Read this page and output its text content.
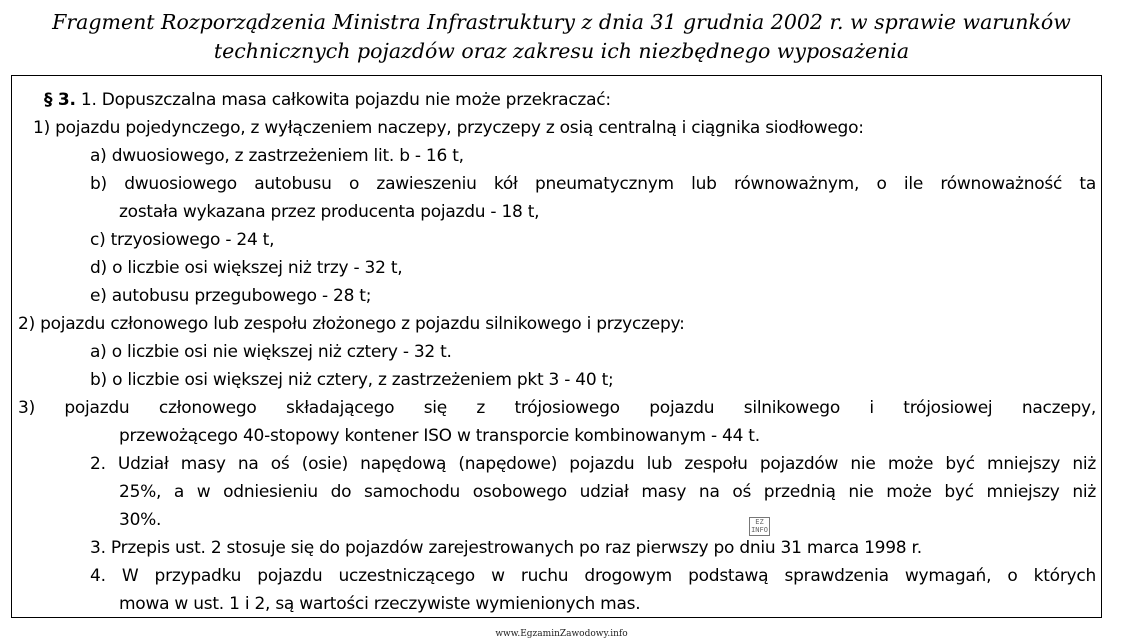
Fragment Rozporządzenia Ministra Infrastruktury z dnia 31 grudnia 2002 r. w sprawie warunków
technicznych pojazdów oraz zakresu ich niezbędnego wyposażenia
§ 3. 1. Dopuszczalna masa całkowita pojazdu nie może przekraczać:
1) pojazdu pojedynczego, z wyłączeniem naczepy, przyczepy z osią centralną i ciągnika siodłowego:
a) dwuosiowego, z zastrzeżeniem lit. b - 16 t,
b) dwuosiowego autobusu o zawieszeniu kół pneumatycznym lub równoważnym, o ile równoważność ta
została wykazana przez producenta pojazdu - 18 t,
c) trzyosiowego - 24 t,
d) o liczbie osi większej niż trzy - 32 t,
e) autobusu przegubowego - 28 t;
2) pojazdu członowego lub zespołu złożonego z pojazdu silnikowego i przyczepy:
a) o liczbie osi nie większej niż cztery - 32 t.
b) o liczbie osi większej niż cztery, z zastrzeżeniem pkt 3 - 40 t;
3) pojazdu członowego składającego się z trójosiowego pojazdu silnikowego i trójosiowej naczepy,
przewożącego 40-stopowy kontener ISO w transporcie kombinowanym - 44 t.
2. Udział masy na oś (osie) napędową (napędowe) pojazdu lub zespołu pojazdów nie może być mniejszy niż
25%, a w odniesieniu do samochodu osobowego udział masy na oś przednią nie może być mniejszy niż
30%.
3. Przepis ust. 2 stosuje się do pojazdów zarejestrowanych po raz pierwszy po dniu 31 marca 1998 r.
4. W przypadku pojazdu uczestniczącego w ruchu drogowym podstawą sprawdzenia wymagań, o których
mowa w ust. 1 i 2, są wartości rzeczywiste wymienionych mas.
EZ INFO
www.EgzaminZawodowy.info
